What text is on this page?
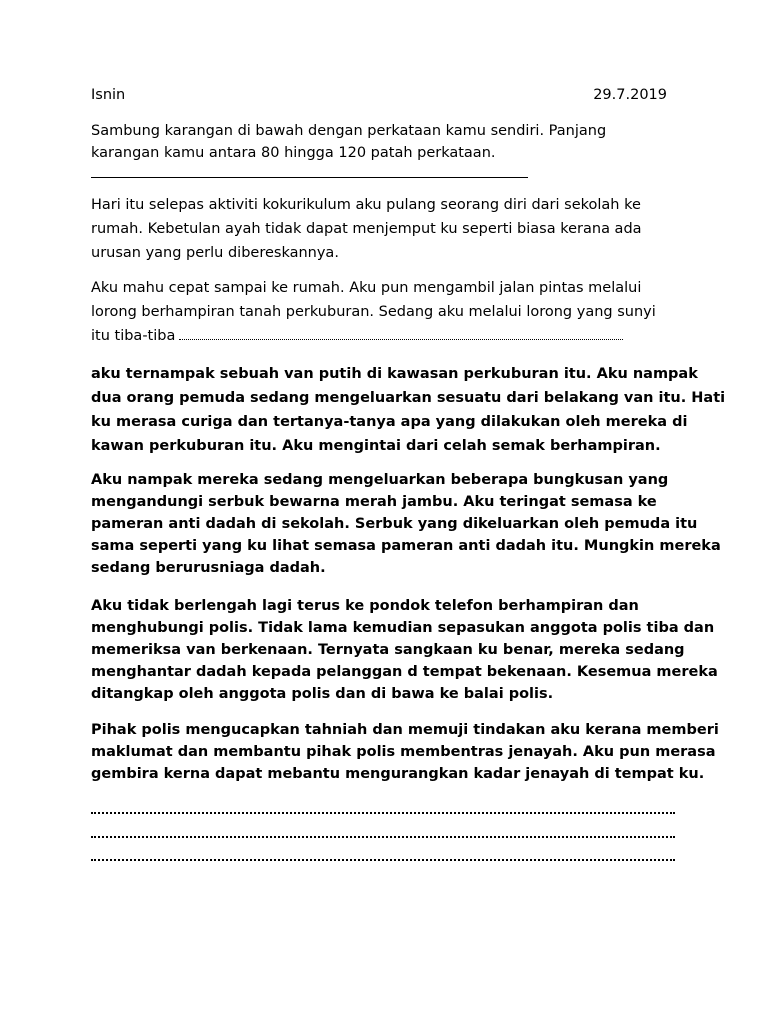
Isnin	29.7.2019
Sambung karangan di bawah dengan perkataan kamu sendiri. Panjang
karangan kamu antara 80 hingga 120 patah perkataan.
Hari itu selepas aktiviti kokurikulum aku pulang seorang diri dari sekolah ke
rumah. Kebetulan ayah tidak dapat menjemput ku seperti biasa kerana ada
urusan yang perlu dibereskannya.
Aku mahu cepat sampai ke rumah. Aku pun mengambil jalan pintas melalui
lorong berhampiran tanah perkuburan. Sedang aku melalui lorong yang sunyi
itu tiba-tiba
aku ternampak sebuah van putih di kawasan perkuburan itu. Aku nampak
dua orang pemuda sedang mengeluarkan sesuatu dari belakang van itu. Hati
ku merasa curiga dan tertanya-tanya apa yang dilakukan oleh mereka di
kawan perkuburan itu. Aku mengintai dari celah semak berhampiran.
Aku nampak mereka sedang mengeluarkan beberapa bungkusan yang
mengandungi serbuk bewarna merah jambu. Aku teringat semasa ke
pameran anti dadah di sekolah. Serbuk yang dikeluarkan oleh pemuda itu
sama seperti yang ku lihat semasa pameran anti dadah itu. Mungkin mereka
sedang berurusniaga dadah.
Aku tidak berlengah lagi terus ke pondok telefon berhampiran dan
menghubungi polis. Tidak lama kemudian sepasukan anggota polis tiba dan
memeriksa van berkenaan. Ternyata sangkaan ku benar, mereka sedang
menghantar dadah kepada pelanggan d tempat bekenaan. Kesemua mereka
ditangkap oleh anggota polis dan di bawa ke balai polis.
Pihak polis mengucapkan tahniah dan memuji tindakan aku kerana memberi
maklumat dan membantu pihak polis membentras jenayah. Aku pun merasa
gembira kerna dapat mebantu mengurangkan kadar jenayah di tempat ku.
